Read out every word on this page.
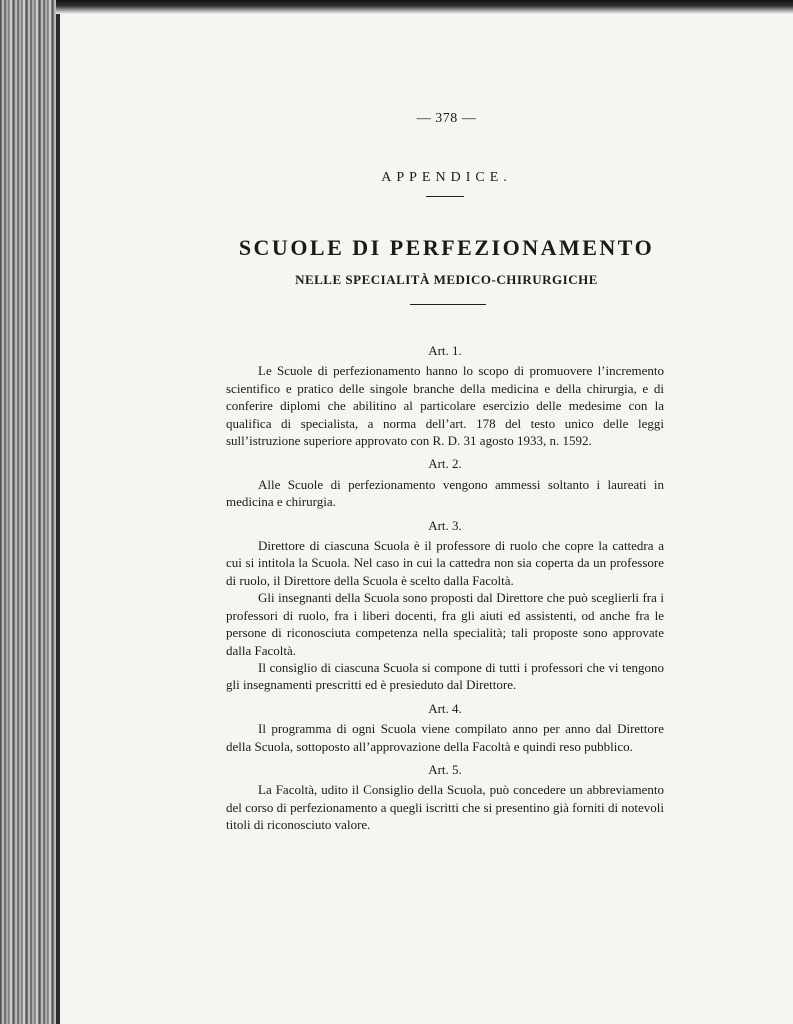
— 378 —
APPENDICE.
SCUOLE DI PERFEZIONAMENTO
NELLE SPECIALITÀ MEDICO-CHIRURGICHE
Art. 1.

Le Scuole di perfezionamento hanno lo scopo di promuovere l’incremento scientifico e pratico delle singole branche della medicina e della chirurgia, e di conferire diplomi che abilitino al particolare esercizio delle medesime con la qualifica di specialista, a norma dell’art. 178 del testo unico delle leggi sull’istruzione superiore approvato con R. D. 31 agosto 1933, n. 1592.

Art. 2.

Alle Scuole di perfezionamento vengono ammessi soltanto i laureati in medicina e chirurgia.

Art. 3.

Direttore di ciascuna Scuola è il professore di ruolo che copre la cattedra a cui si intitola la Scuola. Nel caso in cui la cattedra non sia coperta da un professore di ruolo, il Direttore della Scuola è scelto dalla Facoltà.

Gli insegnanti della Scuola sono proposti dal Direttore che può sceglierli fra i professori di ruolo, fra i liberi docenti, fra gli aiuti ed assistenti, od anche fra le persone di riconosciuta competenza nella specialità; tali proposte sono approvate dalla Facoltà.

Il consiglio di ciascuna Scuola si compone di tutti i professori che vi tengono gli insegnamenti prescritti ed è presieduto dal Direttore.

Art. 4.

Il programma di ogni Scuola viene compilato anno per anno dal Direttore della Scuola, sottoposto all’approvazione della Facoltà e quindi reso pubblico.

Art. 5.

La Facoltà, udito il Consiglio della Scuola, può concedere un abbreviamento del corso di perfezionamento a quegli iscritti che si presentino già forniti di notevoli titoli di riconosciuto valore.
